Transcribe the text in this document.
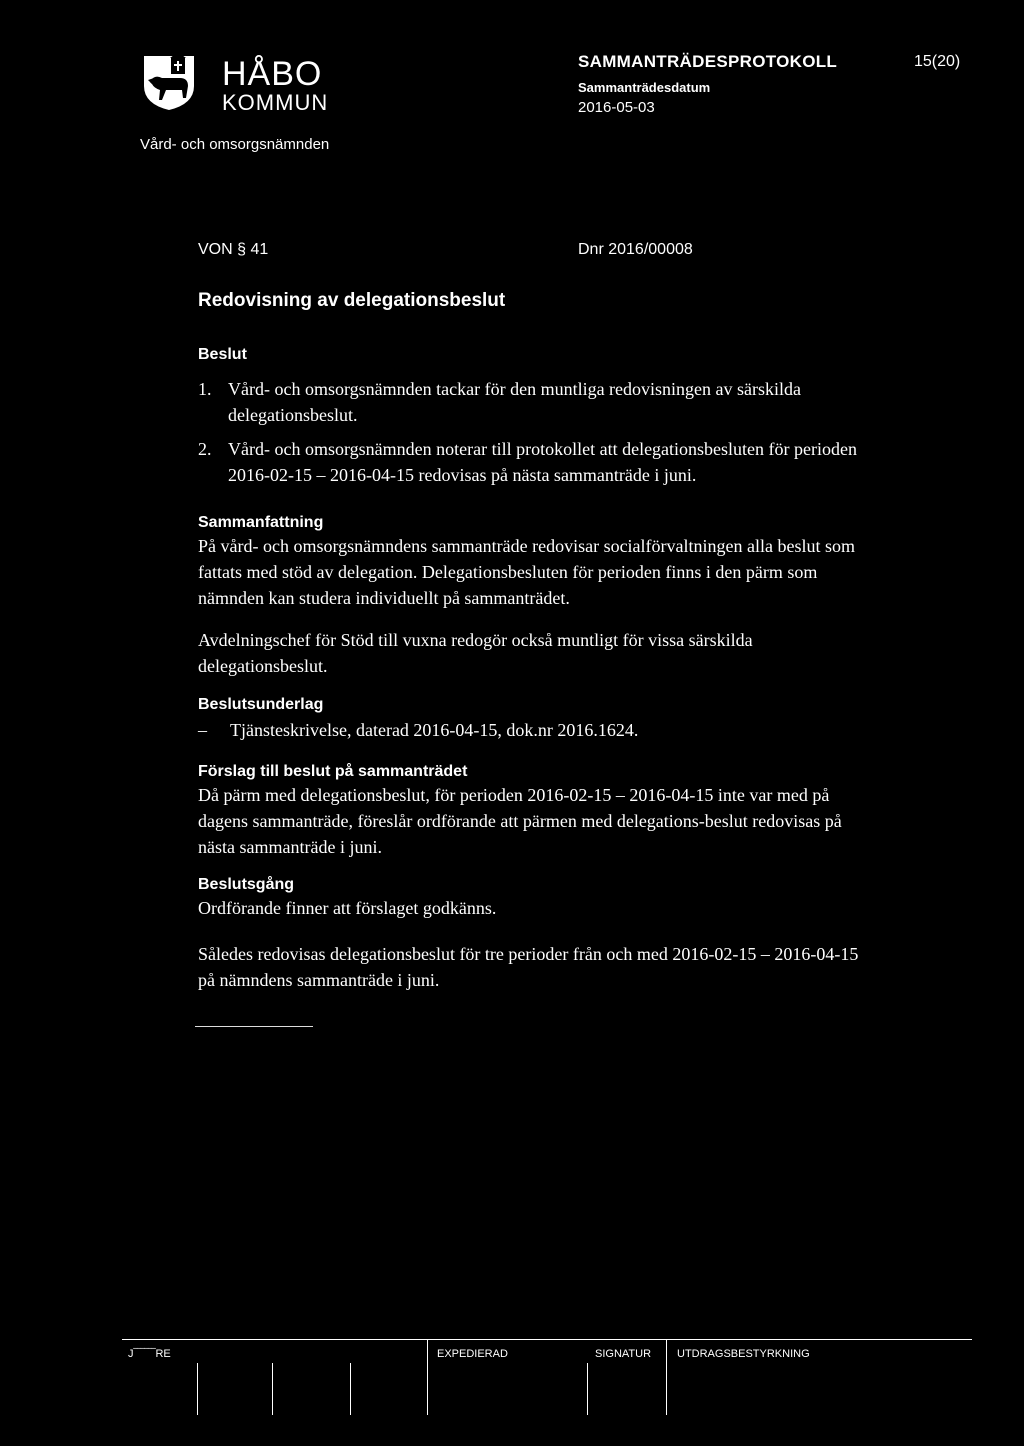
HÅBO
KOMMUN
Vård- och omsorgsnämnden
SAMMANTRÄDESPROTOKOLL
Sammanträdesdatum
2016-05-03
15(20)
VON § 41	Dnr 2016/00008
Redovisning av delegationsbeslut
Beslut
1. Vård- och omsorgsnämnden tackar för den muntliga redovisningen av särskilda delegationsbeslut.
2. Vård- och omsorgsnämnden noterar till protokollet att delegationsbesluten för perioden 2016-02-15 – 2016-04-15 redovisas på nästa sammanträde i juni.
Sammanfattning
På vård- och omsorgsnämndens sammanträde redovisar socialförvaltningen alla beslut som fattats med stöd av delegation. Delegationsbesluten för perioden finns i den pärm som nämnden kan studera individuellt på sammanträdet.
Avdelningschef för Stöd till vuxna redogör också muntligt för vissa särskilda delegationsbeslut.
Beslutsunderlag
–	Tjänsteskrivelse, daterad 2016-04-15, dok.nr 2016.1624.
Förslag till beslut på sammanträdet
Då pärm med delegationsbeslut, för perioden 2016-02-15 – 2016-04-15 inte var med på dagens sammanträde, föreslår ordförande att pärmen med delegations-beslut redovisas på nästa sammanträde i juni.
Beslutsgång
Ordförande finner att förslaget godkänns.
Således redovisas delegationsbeslut för tre perioder från och med 2016-02-15 – 2016-04-15 på nämndens sammanträde i juni.
J‾‾‾‾‾‾RE	EXPEDIERAD	SIGNATUR UTDRAGSBESTYRKNING
